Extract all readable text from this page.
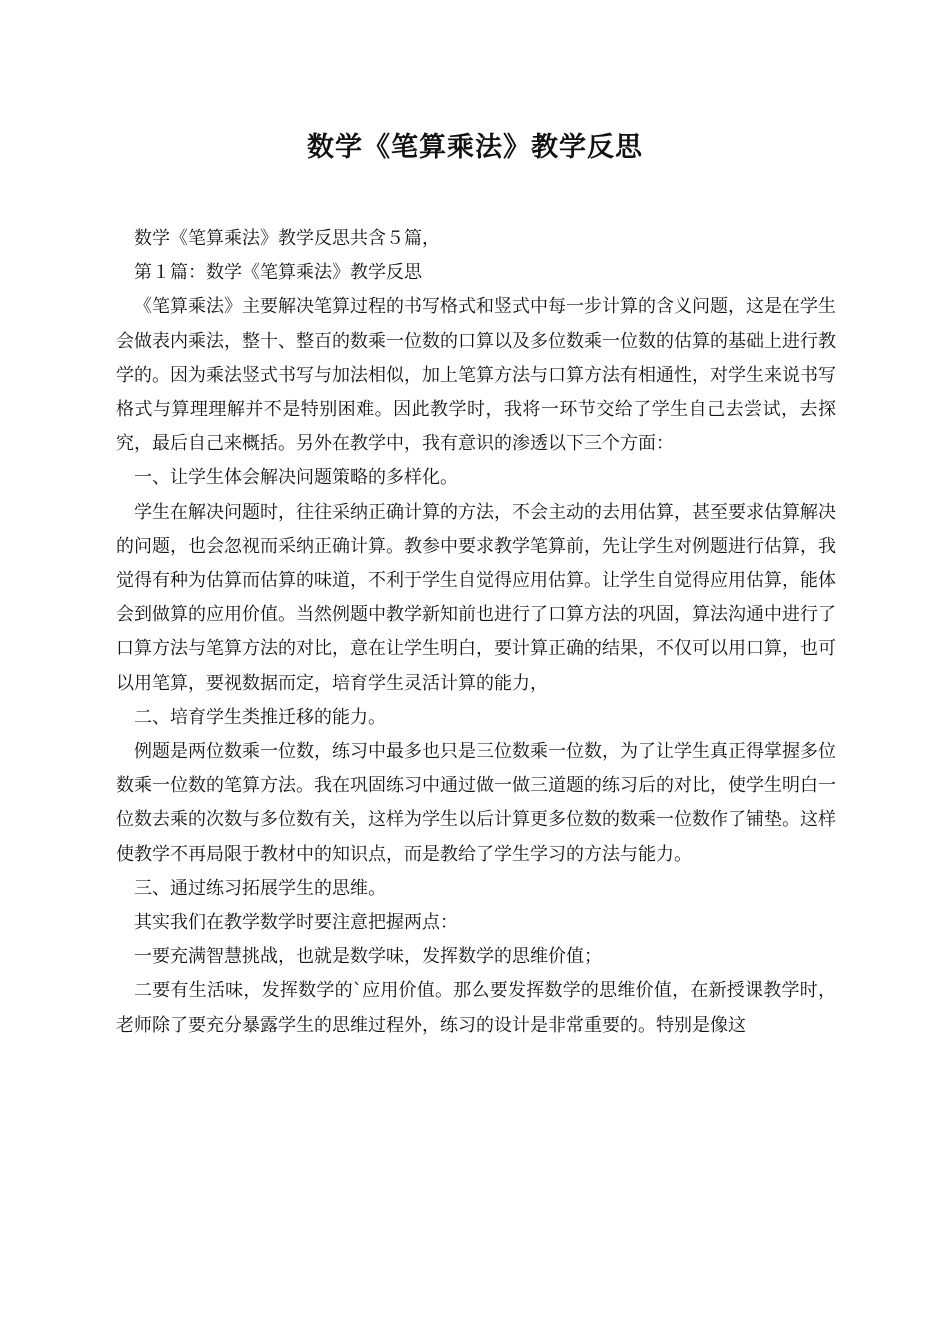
数学《笔算乘法》教学反思

数学《笔算乘法》教学反思共含５篇，

第１篇：数学《笔算乘法》教学反思

《笔算乘法》主要解决笔算过程的书写格式和竖式中每一步计算的含义问题，这是在学生会做表内乘法，整十、整百的数乘一位数的口算以及多位数乘一位数的估算的基础上进行教学的。因为乘法竖式书写与加法相似，加上笔算方法与口算方法有相通性，对学生来说书写格式与算理理解并不是特别困难。因此教学时，我将一环节交给了学生自己去尝试，去探究，最后自己来概括。另外在教学中，我有意识的渗透以下三个方面：

一、让学生体会解决问题策略的多样化。

学生在解决问题时，往往采纳正确计算的方法，不会主动的去用估算，甚至要求估算解决的问题，也会忽视而采纳正确计算。教参中要求教学笔算前，先让学生对例题进行估算，我觉得有种为估算而估算的味道，不利于学生自觉得应用估算。让学生自觉得应用估算，能体会到做算的应用价值。当然例题中教学新知前也进行了口算方法的巩固，算法沟通中进行了口算方法与笔算方法的对比，意在让学生明白，要计算正确的结果，不仅可以用口算，也可以用笔算，要视数据而定，培育学生灵活计算的能力，

二、培育学生类推迁移的能力。

例题是两位数乘一位数，练习中最多也只是三位数乘一位数，为了让学生真正得掌握多位数乘一位数的笔算方法。我在巩固练习中通过做一做三道题的练习后的对比，使学生明白一位数去乘的次数与多位数有关，这样为学生以后计算更多位数的数乘一位数作了铺垫。这样使教学不再局限于教材中的知识点，而是教给了学生学习的方法与能力。

三、通过练习拓展学生的思维。

其实我们在教学数学时要注意把握两点：

一要充满智慧挑战，也就是数学味，发挥数学的思维价值；

二要有生活味，发挥数学的`应用价值。那么要发挥数学的思维价值，在新授课教学时，老师除了要充分暴露学生的思维过程外，练习的设计是非常重要的。特别是像这
